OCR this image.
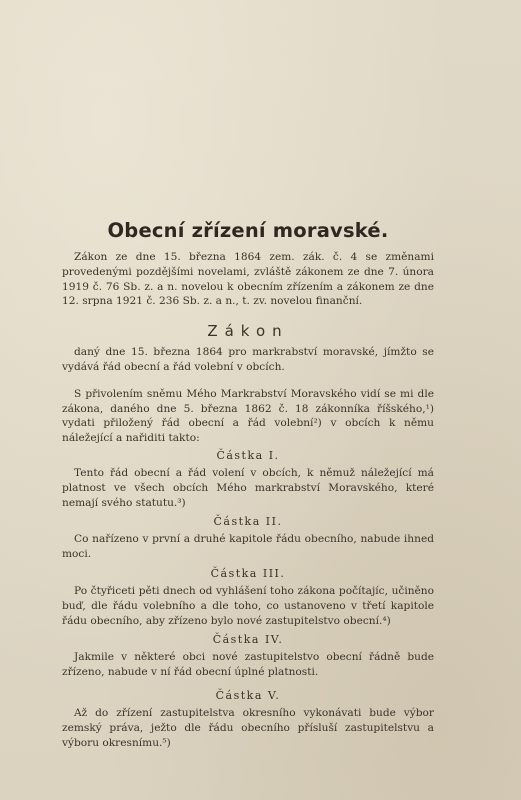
Obecní zřízení moravské.

Zákon ze dne 15. března 1864 zem. zák. č. 4 se změnami provedenými pozdějšími novelami, zvláště zákonem ze dne 7. února 1919 č. 76 Sb. z. a n. novelou k obecním zřízením a zákonem ze dne 12. srpna 1921 č. 236 Sb. z. a n., t. zv. novelou finanční.

Zákon

daný dne 15. března 1864 pro markrabství moravské, jímžto se vydává řád obecní a řád volební v obcích.

S přivolením sněmu Mého Markrabství Moravského vidí se mi dle zákona, daného dne 5. března 1862 č. 18 zákonníka říšského,¹) vydati přiložený řád obecní a řád volební²) v obcích k němu náležející a nařiditi takto:

Částka I.

Tento řád obecní a řád volení v obcích, k němuž náležející má platnost ve všech obcích Mého markrabství Moravského, které nemají svého statutu.³)

Částka II.

Co nařízeno v první a druhé kapitole řádu obecního, nabude ihned moci.

Částka III.

Po čtyřiceti pěti dnech od vyhlášení toho zákona počítajíc, učiněno buď, dle řádu volebního a dle toho, co ustanoveno v třetí kapitole řádu obecního, aby zřízeno bylo nové zastupitelstvo obecní.⁴)

Částka IV.

Jakmile v některé obci nové zastupitelstvo obecní řádně bude zřízeno, nabude v ní řád obecní úplné platnosti.

Částka V.

Až do zřízení zastupitelstva okresního vykonávati bude výbor zemský práva, ježto dle řádu obecního přísluší zastupitelstvu a výboru okresnímu.⁵)
